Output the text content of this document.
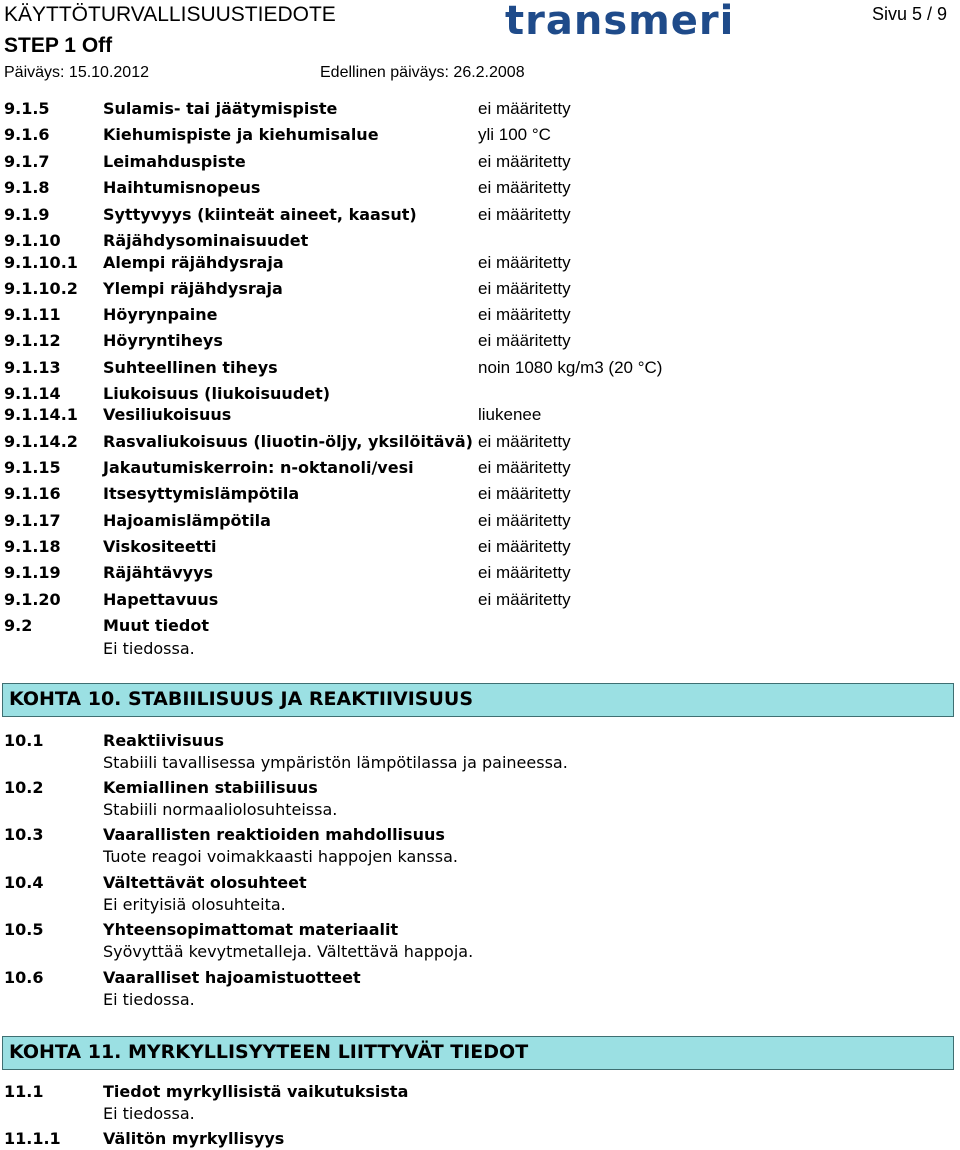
KÄYTTÖTURVALLISUUSTIEDOTE
STEP 1 Off
Päiväys: 15.10.2012	Edellinen päiväys: 26.2.2008
Sivu 5 / 9
transmeri
9.1.5	Sulamis- tai jäätymispiste	ei määritetty
9.1.6	Kiehumispiste ja kiehumisalue	yli 100 °C
9.1.7	Leimahduspiste	ei määritetty
9.1.8	Haihtumisnopeus	ei määritetty
9.1.9	Syttyvyys (kiinteät aineet, kaasut)	ei määritetty
9.1.10	Räjähdysominaisuudet
9.1.10.1 Alempi räjähdysraja	ei määritetty
9.1.10.2 Ylempi räjähdysraja	ei määritetty
9.1.11	Höyrynpaine	ei määritetty
9.1.12	Höyryntiheys	ei määritetty
9.1.13	Suhteellinen tiheys	noin 1080 kg/m3 (20 °C)
9.1.14	Liukoisuus (liukoisuudet)
9.1.14.1 Vesiliukoisuus	liukenee
9.1.14.2 Rasvaliukoisuus (liuotin-öljy, yksilöitävä) ei määritetty
9.1.15	Jakautumiskerroin: n-oktanoli/vesi	ei määritetty
9.1.16	Itsesyttymislämpötila	ei määritetty
9.1.17	Hajoamislämpötila	ei määritetty
9.1.18	Viskositeetti	ei määritetty
9.1.19	Räjähtävyys	ei määritetty
9.1.20	Hapettavuus	ei määritetty
9.2	Muut tiedot
Ei tiedossa.
KOHTA 10. STABIILISUUS JA REAKTIIVISUUS
10.1	Reaktiivisuus
Stabiili tavallisessa ympäristön lämpötilassa ja paineessa.
10.2	Kemiallinen stabiilisuus
Stabiili normaaliolosuhteissa.
10.3	Vaarallisten reaktioiden mahdollisuus
Tuote reagoi voimakkaasti happojen kanssa.
10.4	Vältettävät olosuhteet
Ei erityisiä olosuhteita.
10.5	Yhteensopimattomat materiaalit
Syövyttää kevytmetalleja. Vältettävä happoja.
10.6	Vaaralliset hajoamistuotteet
Ei tiedossa.
KOHTA 11. MYRKYLLISYYTEEN LIITTYVÄT TIEDOT
11.1	Tiedot myrkyllisistä vaikutuksista
Ei tiedossa.
11.1.1	Välitön myrkyllisyys
